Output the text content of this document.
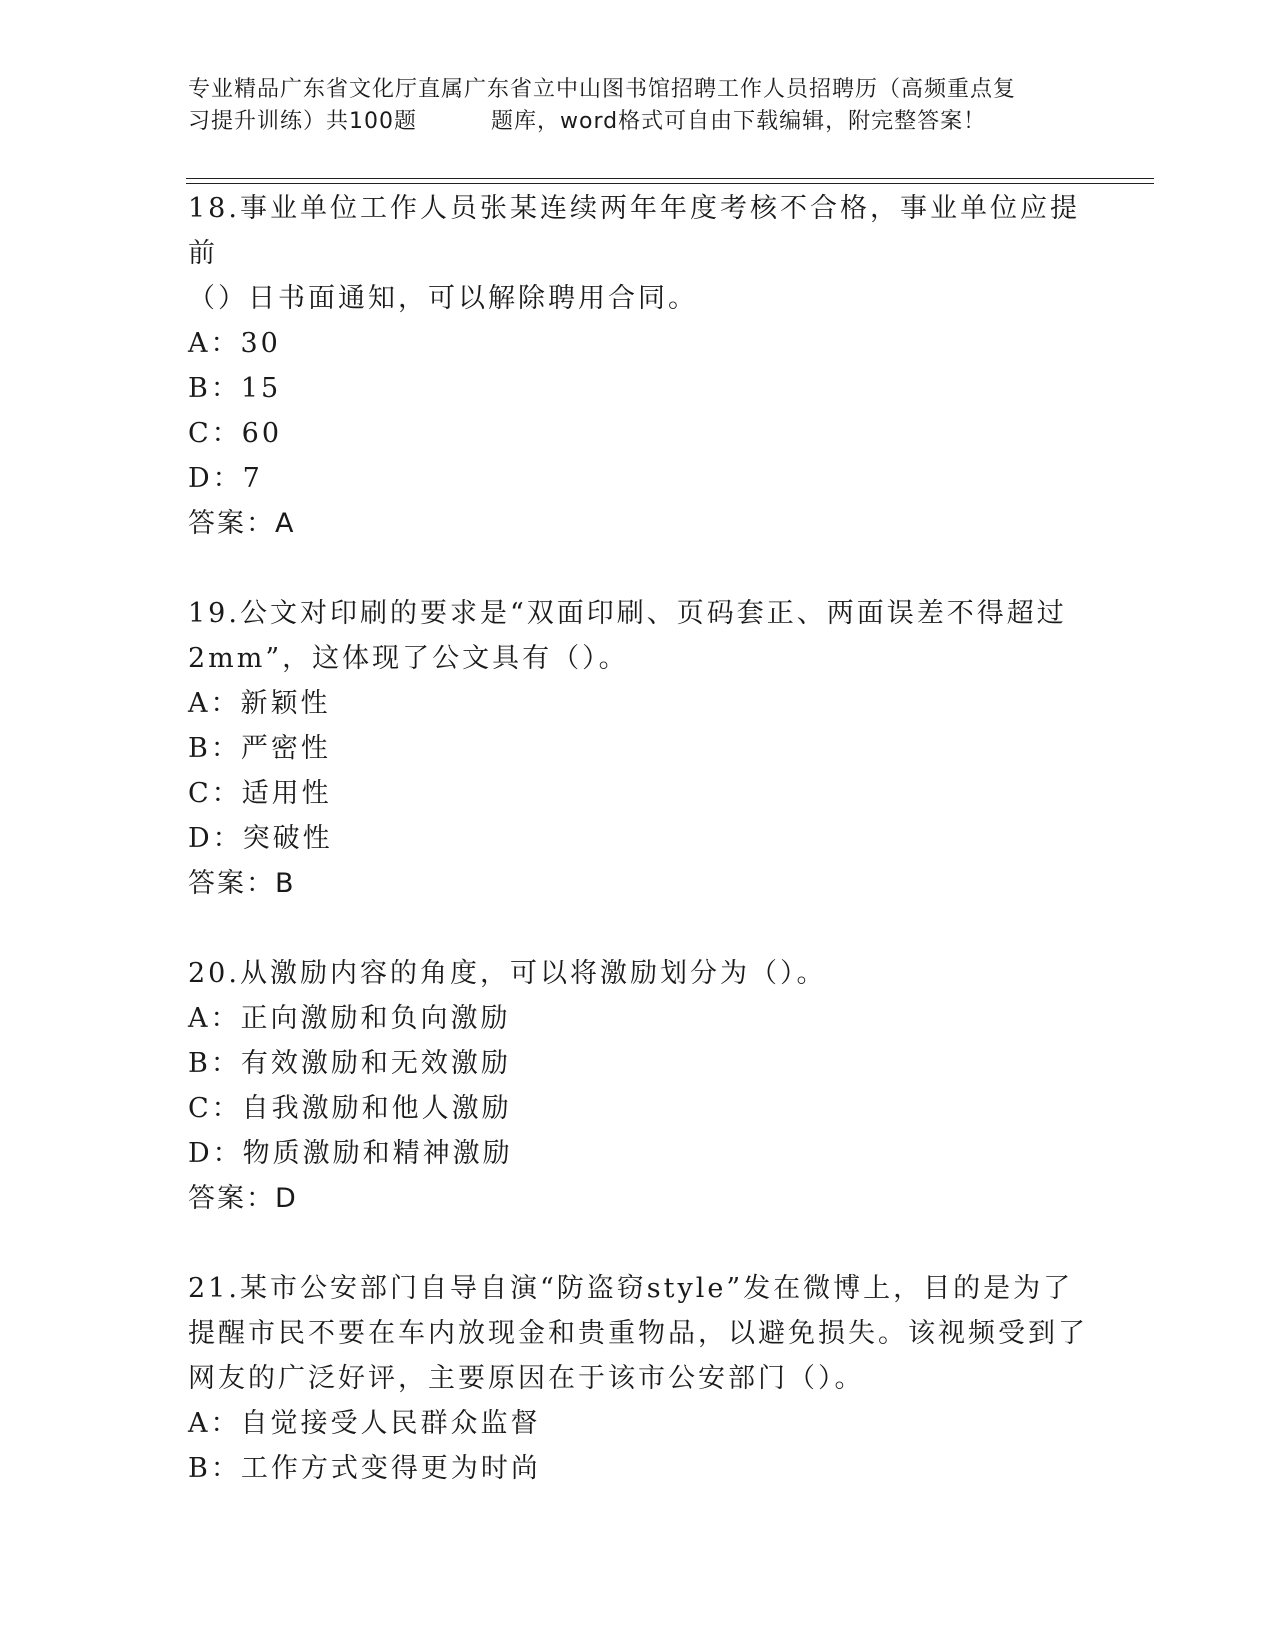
专业精品广东省文化厅直属广东省立中山图书馆招聘工作人员招聘历（高频重点复
习提升训练）共100题	题库，word格式可自由下载编辑，附完整答案！

18.事业单位工作人员张某连续两年年度考核不合格，事业单位应提前

（）日书面通知，可以解除聘用合同。

A：30

B：15

C：60

D：7

答案：A

19.公文对印刷的要求是“双面印刷、页码套正、两面误差不得超过

2mm”，这体现了公文具有（）。

A：新颖性

B：严密性

C：适用性

D：突破性

答案：B

20.从激励内容的角度，可以将激励划分为（）。

A：正向激励和负向激励

B：有效激励和无效激励

C：自我激励和他人激励

D：物质激励和精神激励

答案：D

21.某市公安部门自导自演“防盗窃style”发在微博上，目的是为了

提醒市民不要在车内放现金和贵重物品，以避免损失。该视频受到了

网友的广泛好评，主要原因在于该市公安部门（）。

A：自觉接受人民群众监督

B：工作方式变得更为时尚
